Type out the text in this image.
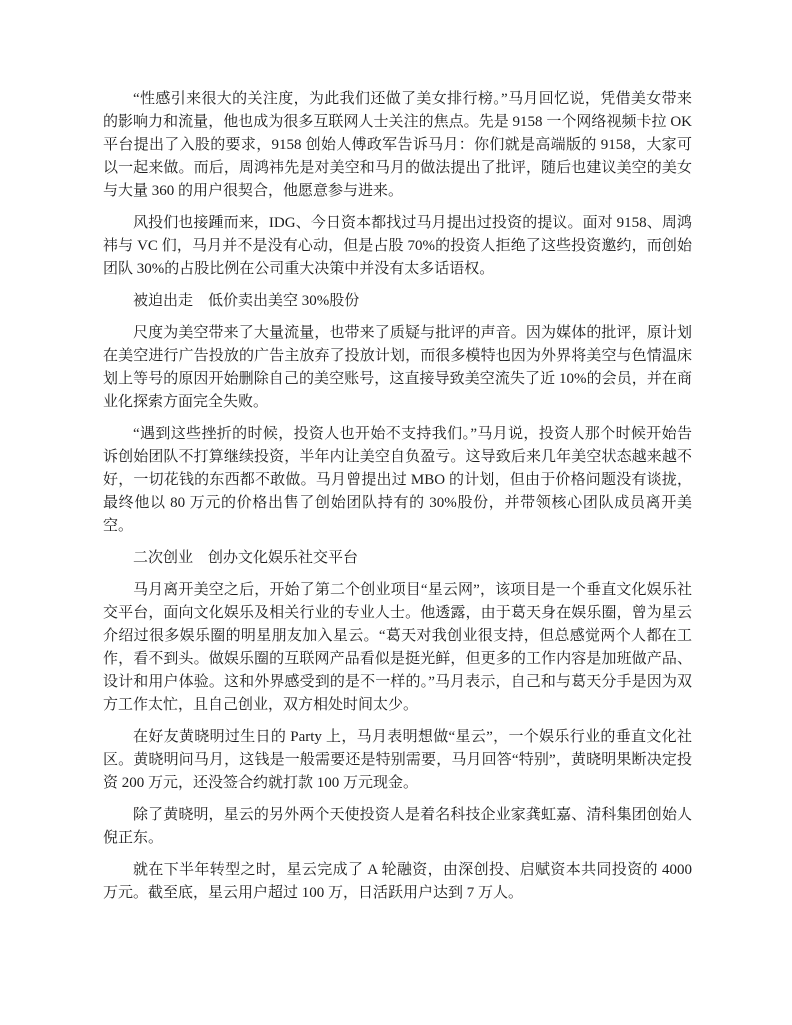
“性感引来很大的关注度，为此我们还做了美女排行榜。”马月回忆说，凭借美女带来的影响力和流量，他也成为很多互联网人士关注的焦点。先是 9158 一个网络视频卡拉 OK 平台提出了入股的要求，9158 创始人傅政军告诉马月：你们就是高端版的 9158，大家可以一起来做。而后，周鸿祎先是对美空和马月的做法提出了批评，随后也建议美空的美女与大量 360 的用户很契合，他愿意参与进来。

风投们也接踵而来，IDG、今日资本都找过马月提出过投资的提议。面对 9158、周鸿祎与 VC 们，马月并不是没有心动，但是占股 70%的投资人拒绝了这些投资邀约，而创始团队 30%的占股比例在公司重大决策中并没有太多话语权。

被迫出走　低价卖出美空 30%股份

尺度为美空带来了大量流量，也带来了质疑与批评的声音。因为媒体的批评，原计划在美空进行广告投放的广告主放弃了投放计划，而很多模特也因为外界将美空与色情温床划上等号的原因开始删除自己的美空账号，这直接导致美空流失了近 10%的会员，并在商业化探索方面完全失败。

“遇到这些挫折的时候，投资人也开始不支持我们。”马月说，投资人那个时候开始告诉创始团队不打算继续投资，半年内让美空自负盈亏。这导致后来几年美空状态越来越不好，一切花钱的东西都不敢做。马月曾提出过 MBO 的计划，但由于价格问题没有谈拢，最终他以 80 万元的价格出售了创始团队持有的 30%股份，并带领核心团队成员离开美空。

二次创业　创办文化娱乐社交平台

马月离开美空之后，开始了第二个创业项目“星云网”，该项目是一个垂直文化娱乐社交平台，面向文化娱乐及相关行业的专业人士。他透露，由于葛天身在娱乐圈，曾为星云介绍过很多娱乐圈的明星朋友加入星云。“葛天对我创业很支持，但总感觉两个人都在工作，看不到头。做娱乐圈的互联网产品看似是挺光鲜，但更多的工作内容是加班做产品、设计和用户体验。这和外界感受到的是不一样的。”马月表示，自己和与葛天分手是因为双方工作太忙，且自己创业，双方相处时间太少。

在好友黄晓明过生日的 Party 上，马月表明想做“星云”，一个娱乐行业的垂直文化社区。黄晓明问马月，这钱是一般需要还是特别需要，马月回答“特别”，黄晓明果断决定投资 200 万元，还没签合约就打款 100 万元现金。

除了黄晓明，星云的另外两个天使投资人是着名科技企业家龚虹嘉、清科集团创始人倪正东。

就在下半年转型之时，星云完成了 A 轮融资，由深创投、启赋资本共同投资的 4000 万元。截至底，星云用户超过 100 万，日活跃用户达到 7 万人。
